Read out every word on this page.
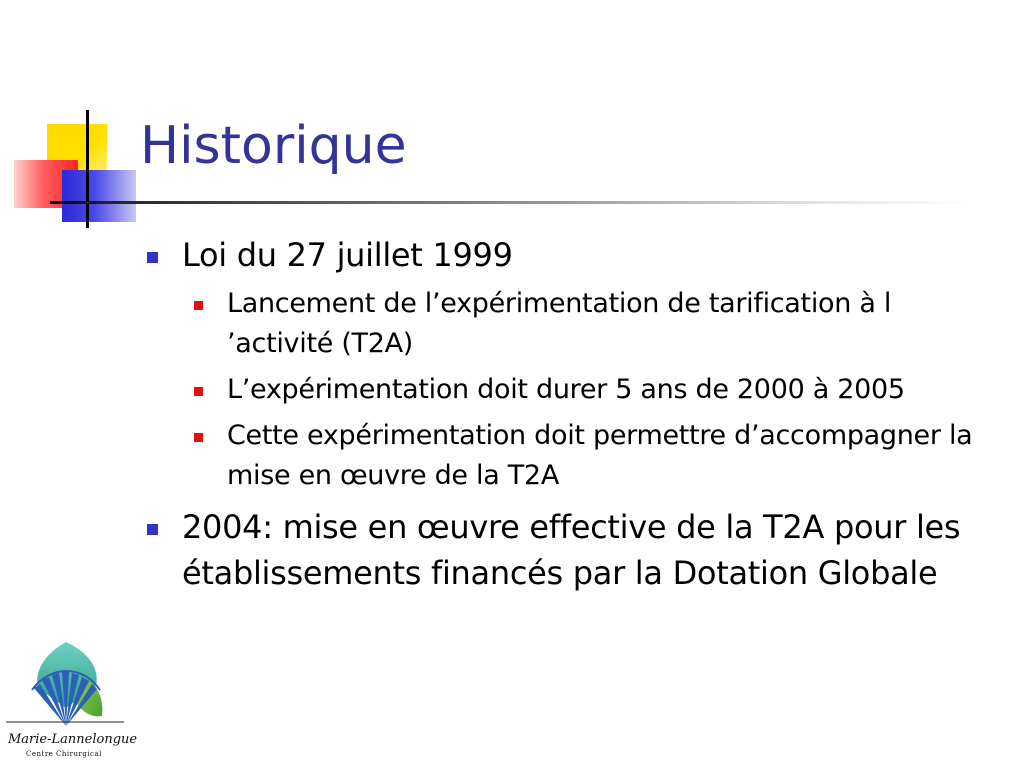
Historique
Loi du 27 juillet 1999
Lancement de l’expérimentation de tarification à l ’activité (T2A)
L’expérimentation doit durer 5 ans de 2000 à 2005
Cette expérimentation doit permettre d’accompagner la mise en œuvre de la T2A
2004: mise en œuvre effective de la T2A pour les établissements financés par la Dotation Globale
Marie-Lannelongue
Centre Chirurgical
